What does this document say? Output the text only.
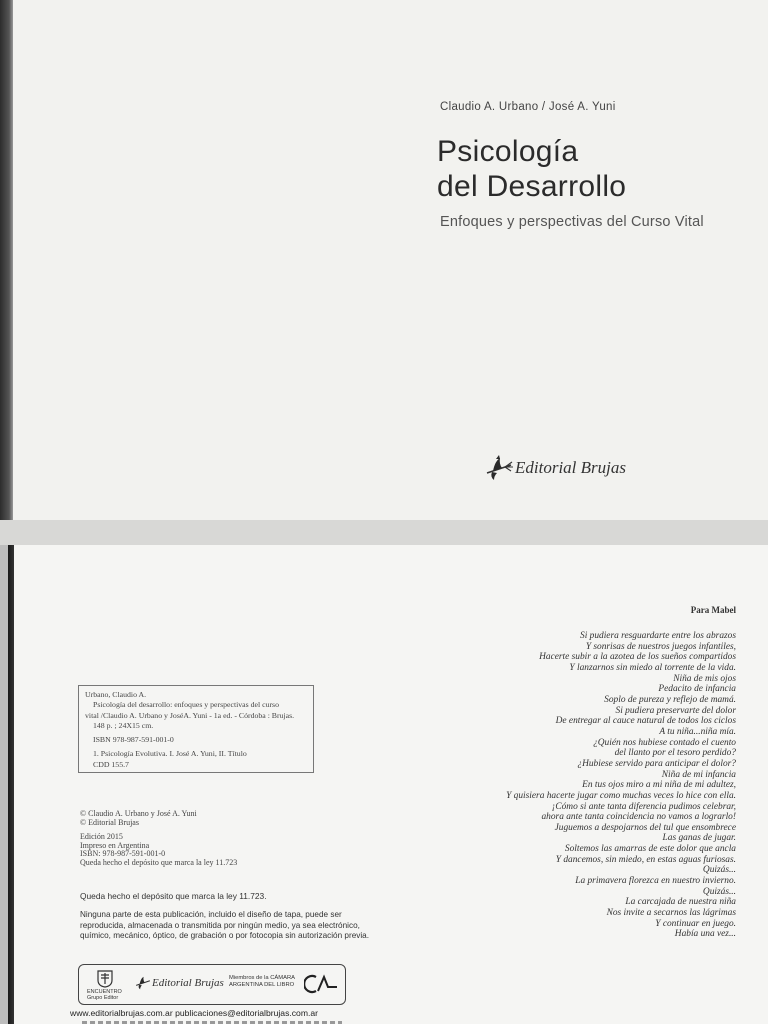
Claudio A. Urbano / José A. Yuni
Psicología
del Desarrollo
Enfoques y perspectivas del Curso Vital
Editorial Brujas
Urbano, Claudio A.
Psicología del desarrollo: enfoques y perspectivas del curso
vital /Claudio A. Urbano y JoséA. Yuni - 1a ed. - Córdoba : Brujas.
148 p. ; 24X15 cm.
ISBN 978-987-591-001-0
1. Psicología Evolutiva. I. José A. Yuni, II. Título
CDD 155.7
© Claudio A. Urbano y José A. Yuni
© Editorial Brujas
Edición 2015
Impreso en Argentina
ISBN: 978-987-591-001-0
Queda hecho el depósito que marca la ley 11.723
Queda hecho el depósito que marca la ley 11.723.
Ninguna parte de esta publicación, incluido el diseño de tapa, puede ser reproducida, almacenada o transmitida por ningún medio, ya sea electrónico, químico, mecánico, óptico, de grabación o por fotocopia sin autorización previa.
ENCUENTRO
Grupo Editor
Editorial Brujas Miembros de la CÁMARA
ARGENTINA DEL LIBRO
www.editorialbrujas.com.ar publicaciones@editorialbrujas.com.ar
Para Mabel
Si pudiera resguardarte entre los abrazos
Y sonrisas de nuestros juegos infantiles,
Hacerte subir a la azotea de los sueños compartidos
Y lanzarnos sin miedo al torrente de la vida.
Niña de mis ojos
Pedacito de infancia
Soplo de pureza y reflejo de mamá.
Si pudiera preservarte del dolor
De entregar al cauce natural de todos los ciclos
A tu niña...niña mía.
¿Quién nos hubiese contado el cuento
del llanto por el tesoro perdido?
¿Hubiese servido para anticipar el dolor?
Niña de mi infancia
En tus ojos miro a mi niña de mi adultez,
Y quisiera hacerte jugar como muchas veces lo hice con ella.
¡Cómo si ante tanta diferencia pudimos celebrar,
ahora ante tanta coincidencia no vamos a lograrlo!
Juguemos a despojarnos del tul que ensombrece
Las ganas de jugar.
Soltemos las amarras de este dolor que ancla
Y dancemos, sin miedo, en estas aguas furiosas.
Quizás...
La primavera florezca en nuestro invierno.
Quizás...
La carcajada de nuestra niña
Nos invite a secarnos las lágrimas
Y continuar en juego.
Había una vez...
